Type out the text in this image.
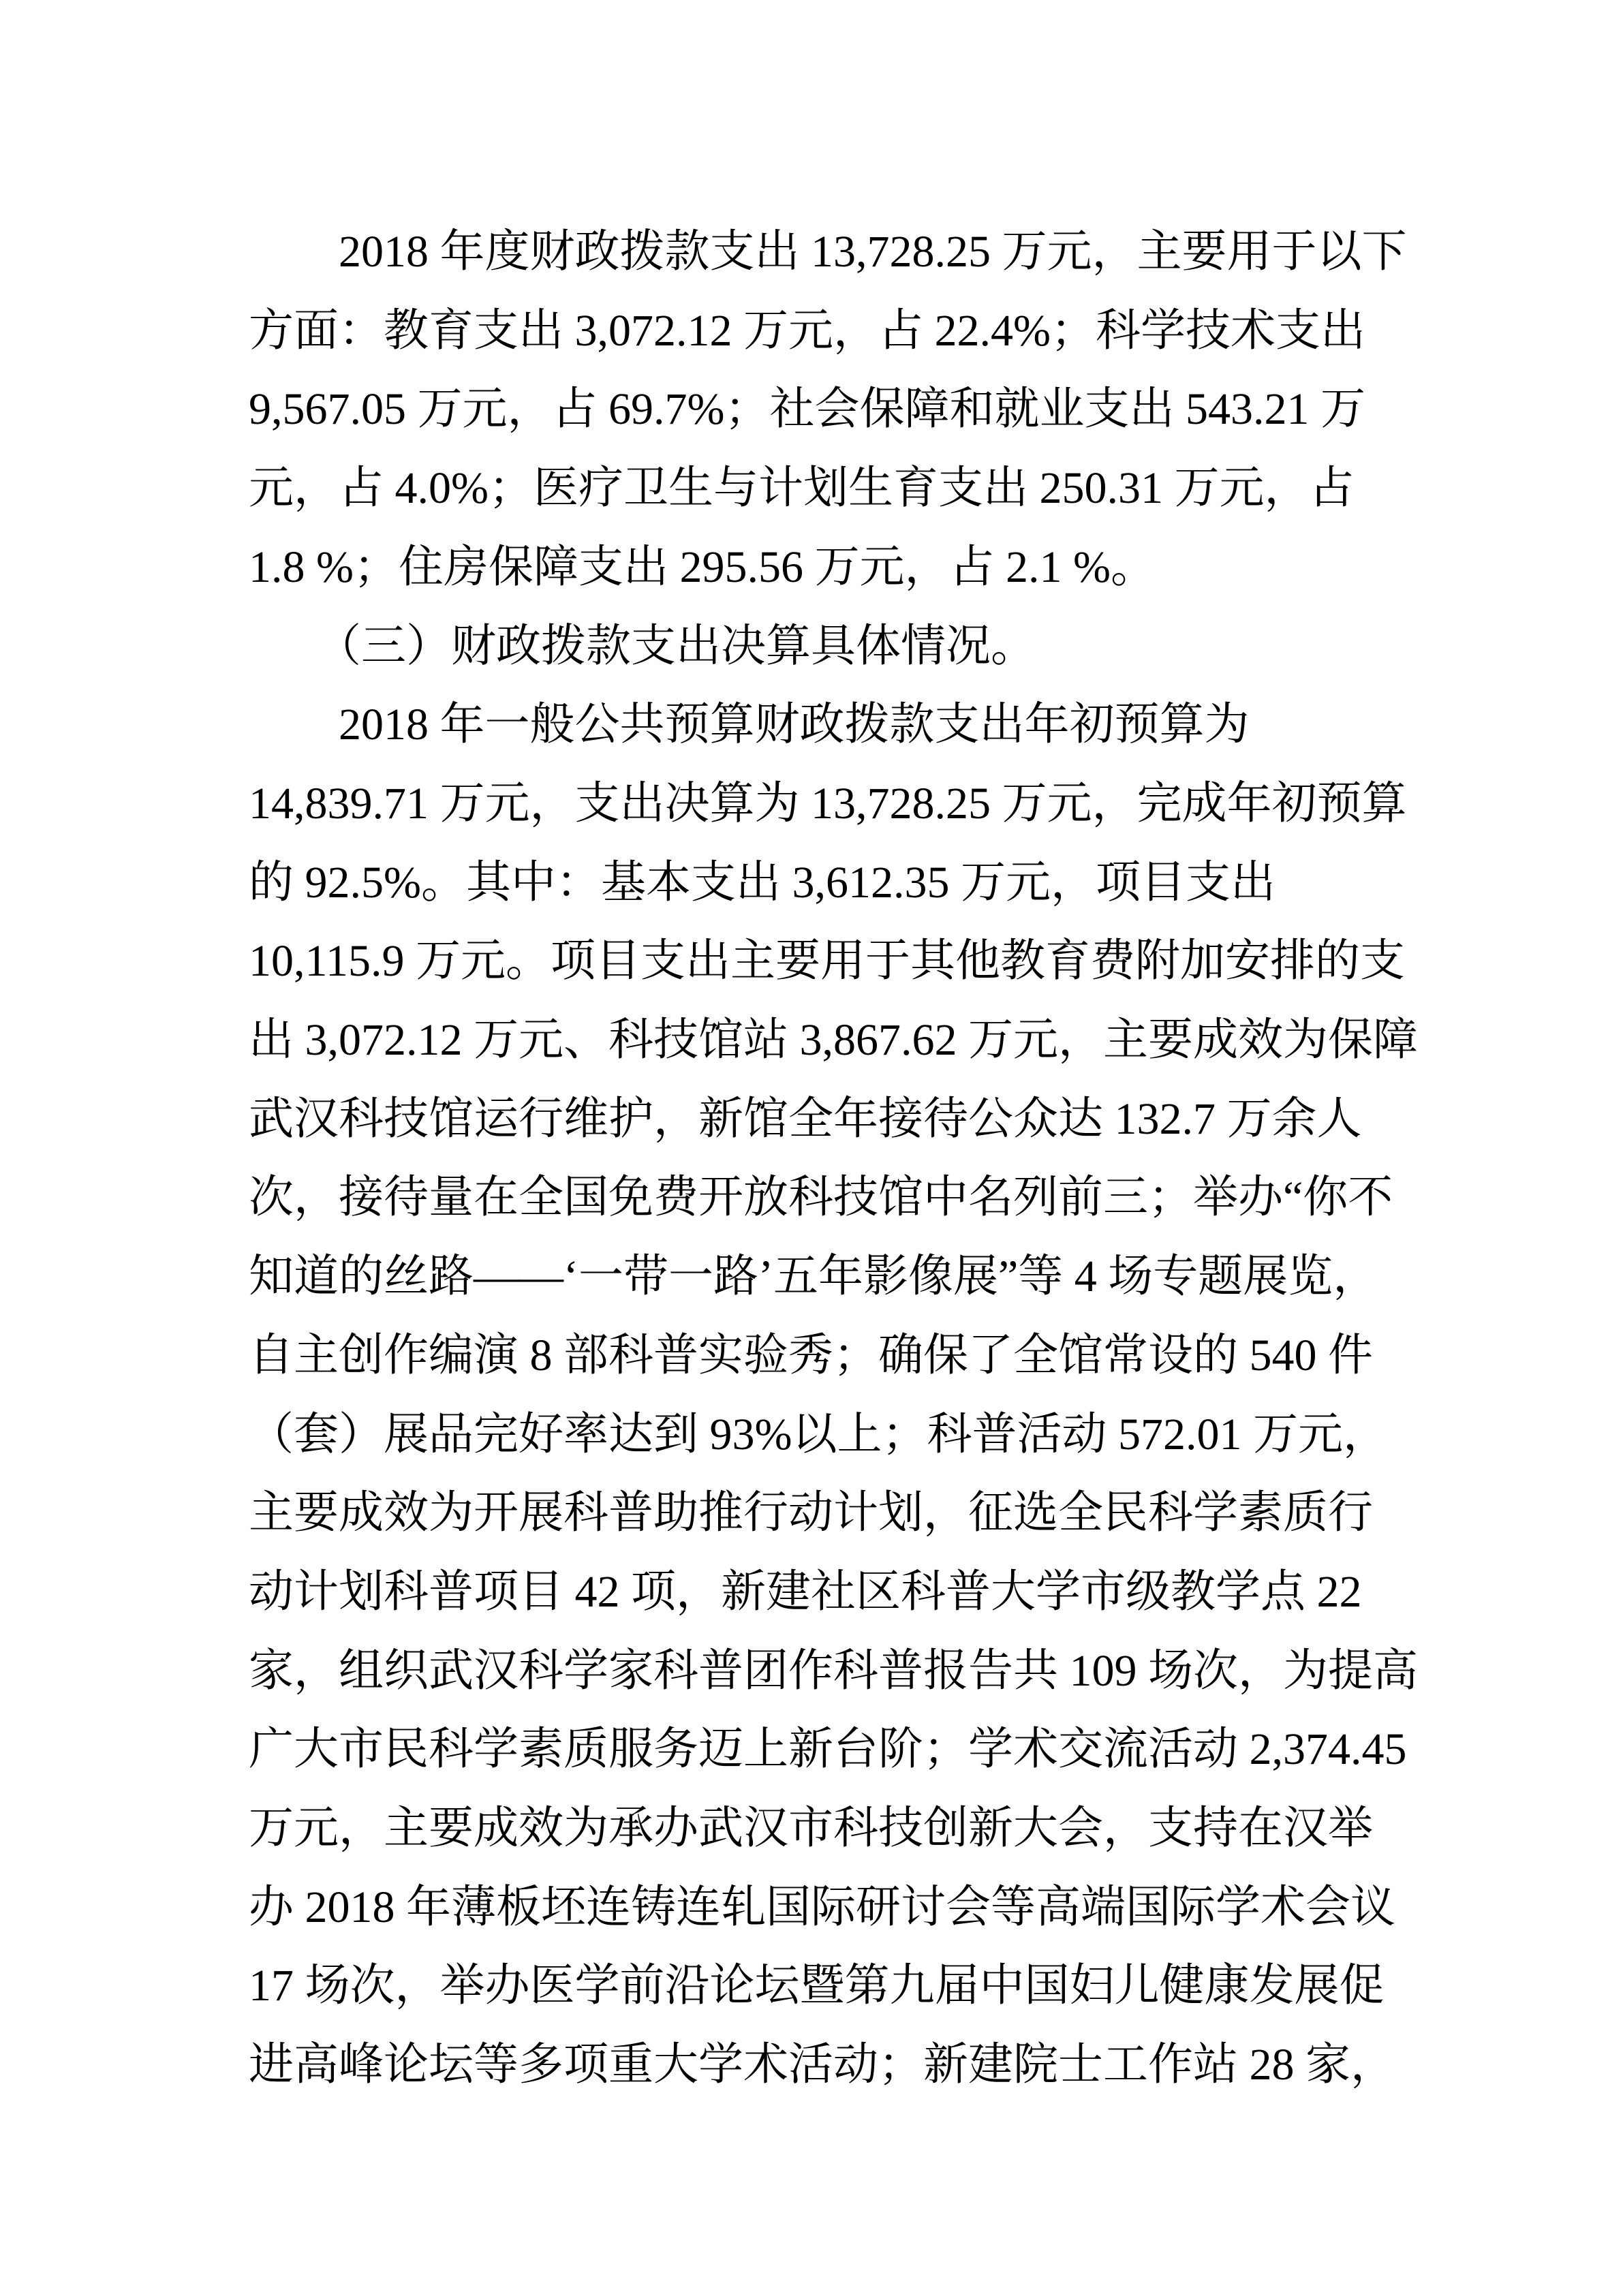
　　2018 年度财政拨款支出 13,728.25 万元，主要用于以下

方面：教育支出 3,072.12 万元，占 22.4%；科学技术支出

9,567.05 万元，占 69.7%；社会保障和就业支出 543.21 万

元，占 4.0%；医疗卫生与计划生育支出 250.31 万元，占

1.8 %；住房保障支出 295.56 万元，占 2.1 %。

　　（三）财政拨款支出决算具体情况。

　　2018 年一般公共预算财政拨款支出年初预算为

14,839.71 万元，支出决算为 13,728.25 万元，完成年初预算

的 92.5%。其中：基本支出 3,612.35 万元，项目支出

10,115.9 万元。项目支出主要用于其他教育费附加安排的支

出 3,072.12 万元、科技馆站 3,867.62 万元，主要成效为保障

武汉科技馆运行维护，新馆全年接待公众达 132.7 万余人

次，接待量在全国免费开放科技馆中名列前三；举办“你不

知道的丝路——‘一带一路’五年影像展”等 4 场专题展览，

自主创作编演 8 部科普实验秀；确保了全馆常设的 540 件

（套）展品完好率达到 93%以上；科普活动 572.01 万元，

主要成效为开展科普助推行动计划，征选全民科学素质行

动计划科普项目 42 项，新建社区科普大学市级教学点 22

家，组织武汉科学家科普团作科普报告共 109 场次，为提高

广大市民科学素质服务迈上新台阶；学术交流活动 2,374.45

万元，主要成效为承办武汉市科技创新大会，支持在汉举

办 2018 年薄板坯连铸连轧国际研讨会等高端国际学术会议

17 场次，举办医学前沿论坛暨第九届中国妇儿健康发展促

进高峰论坛等多项重大学术活动；新建院士工作站 28 家，
